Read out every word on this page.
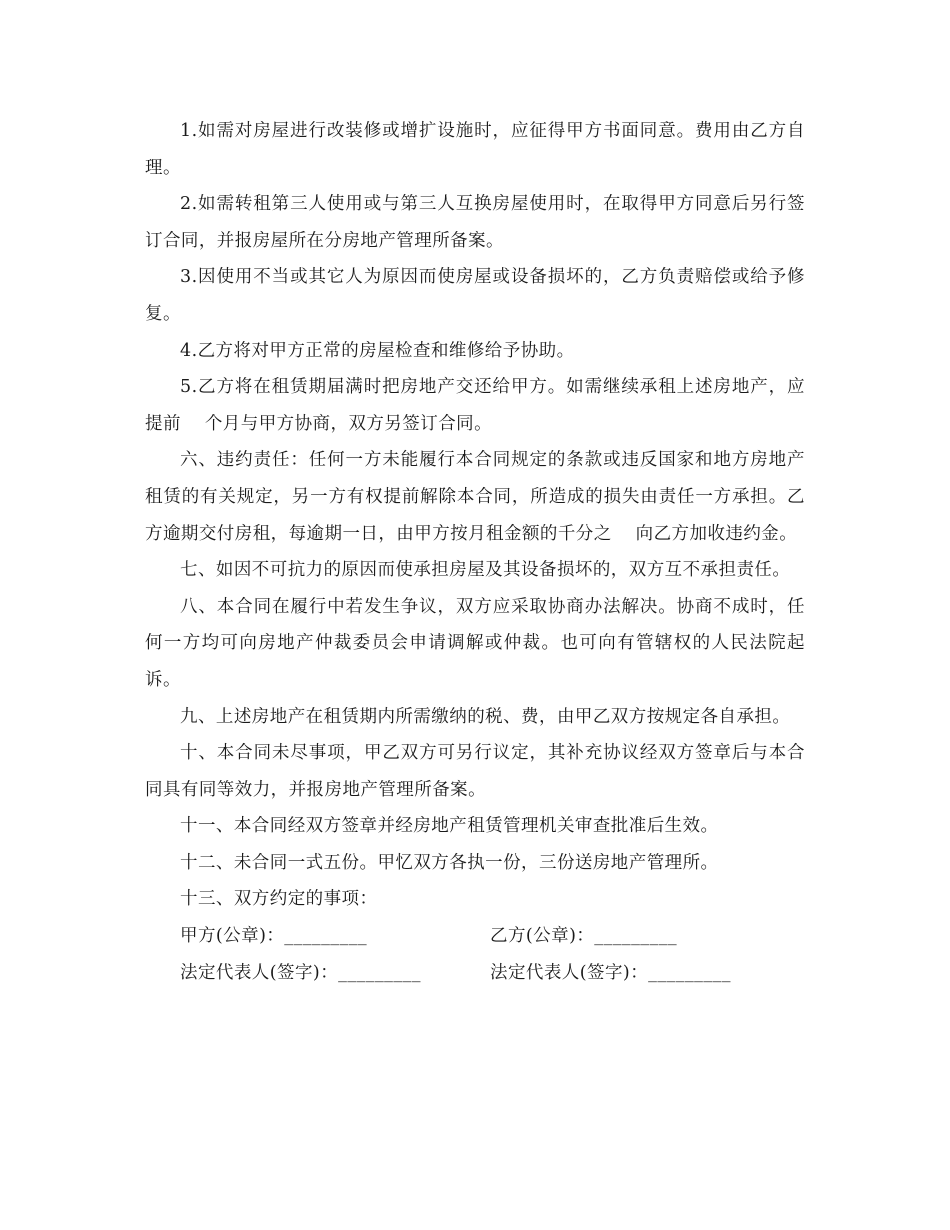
1.如需对房屋进行改装修或增扩设施时，应征得甲方书面同意。费用由乙方自理。

2.如需转租第三人使用或与第三人互换房屋使用时，在取得甲方同意后另行签订合同，并报房屋所在分房地产管理所备案。

3.因使用不当或其它人为原因而使房屋或设备损坏的，乙方负责赔偿或给予修复。

4.乙方将对甲方正常的房屋检查和维修给予协助。

5.乙方将在租赁期届满时把房地产交还给甲方。如需继续承租上述房地产，应提前　 个月与甲方协商，双方另签订合同。

六、违约责任：任何一方未能履行本合同规定的条款或违反国家和地方房地产租赁的有关规定，另一方有权提前解除本合同，所造成的损失由责任一方承担。乙方逾期交付房租，每逾期一日，由甲方按月租金额的千分之　 向乙方加收违约金。

七、如因不可抗力的原因而使承担房屋及其设备损坏的，双方互不承担责任。

八、本合同在履行中若发生争议，双方应采取协商办法解决。协商不成时，任何一方均可向房地产仲裁委员会申请调解或仲裁。也可向有管辖权的人民法院起诉。

九、上述房地产在租赁期内所需缴纳的税、费，由甲乙双方按规定各自承担。

十、本合同未尽事项，甲乙双方可另行议定，其补充协议经双方签章后与本合同具有同等效力，并报房地产管理所备案。

十一、本合同经双方签章并经房地产租赁管理机关审查批准后生效。

十二、未合同一式五份。甲忆双方各执一份，三份送房地产管理所。

十三、双方约定的事项：

甲方(公章)：_________	乙方(公章)：_________
法定代表人(签字)：_________	法定代表人(签字)：_________
